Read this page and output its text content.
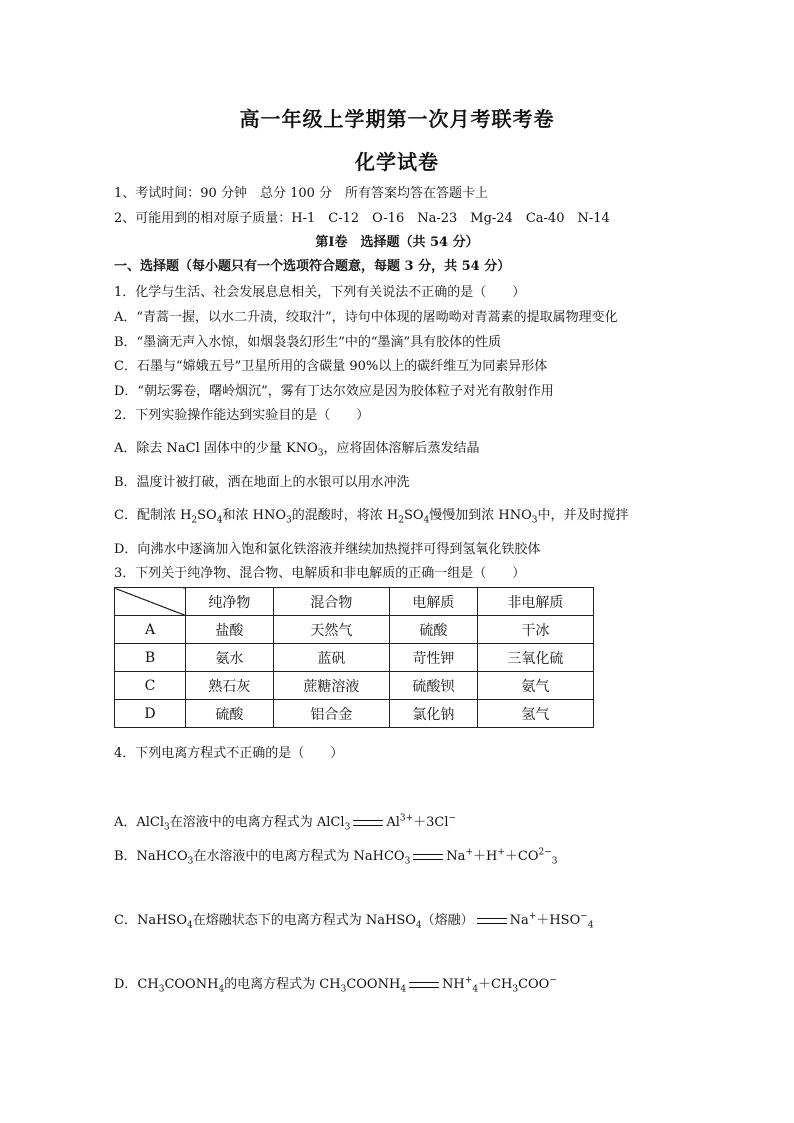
高一年级上学期第一次月考联考卷
化学试卷
1、考试时间：90 分钟　总分 100 分　所有答案均答在答题卡上
2、可能用到的相对原子质量：H-1　C-12　O-16　Na-23　Mg-24　Ca-40　N-14
第Ⅰ卷　选择题（共 54 分）
一、选择题（每小题只有一个选项符合题意，每题 3 分，共 54 分）
1．化学与生活、社会发展息息相关，下列有关说法不正确的是（　　）
A．“青蒿一握，以水二升渍，绞取汁”，诗句中体现的屠呦呦对青蒿素的提取属物理变化
B．“墨滴无声入水惊，如烟袅袅幻形生”中的“墨滴”具有胶体的性质
C．石墨与“嫦娥五号”卫星所用的含碳量 90%以上的碳纤维互为同素异形体
D．“朝坛雾卷，曙岭烟沉”，雾有丁达尔效应是因为胶体粒子对光有散射作用
2．下列实验操作能达到实验目的是（　　）
A．除去 NaCl 固体中的少量 $KNO_3$，应将固体溶解后蒸发结晶
B．温度计被打破，洒在地面上的水银可以用水冲洗
C．配制浓 $H_2SO_4$和浓 $HNO_3$的混酸时，将浓 $H_2SO_4$慢慢加到浓 $HNO_3$中，并及时搅拌
D．向沸水中逐滴加入饱和氯化铁溶液并继续加热搅拌可得到氢氧化铁胶体
3．下列关于纯净物、混合物、电解质和非电解质的正确一组是（　　）
	纯净物	混合物	电解质	非电解质
A	盐酸	天然气	硫酸	干冰
B	氨水	蓝矾	苛性钾	三氧化硫
C	熟石灰	蔗糖溶液	硫酸钡	氨气
D	硫酸	铝合金	氯化钠	氢气
4．下列电离方程式不正确的是（　　）
A．AlCl$_3$在溶液中的电离方程式为 AlCl$_3$	$Al^{3+}+3Cl^-$
B．NaHCO$_3$在水溶液中的电离方程式为 NaHCO$_3$	$Na^++H^++CO^{2-}_3$
C．NaHSO$_4$在熔融状态下的电离方程式为 NaHSO$_4$（熔融）	$Na^++HSO^-_4$
D．$CH_3COONH_4$的电离方程式为 $CH_3COONH_4$	$NH^+_4+CH_3COO^-$
